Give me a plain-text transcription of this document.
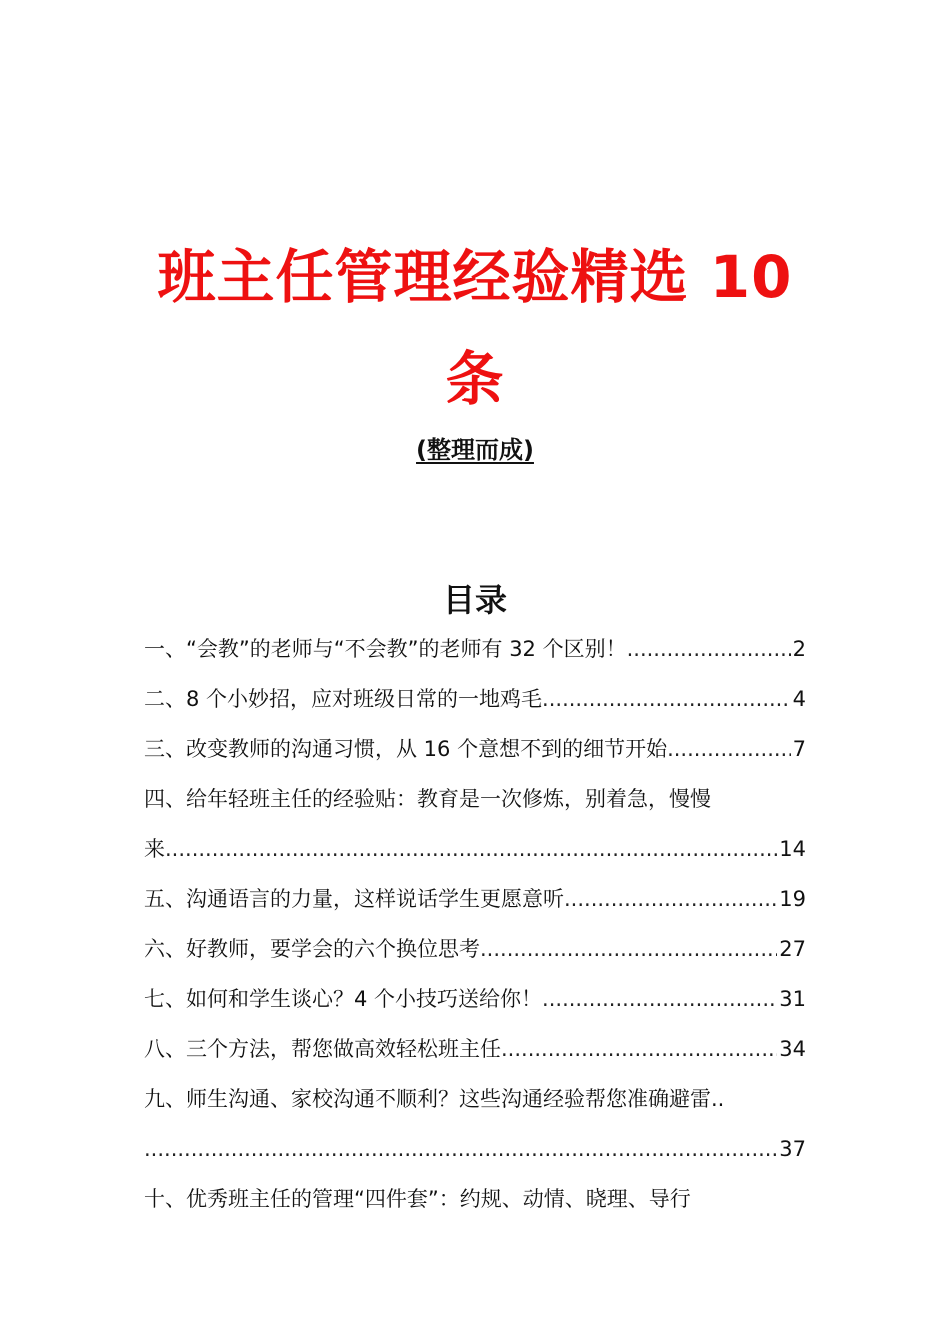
班主任管理经验精选 10
条
(整理而成)
目录
一、“会教”的老师与“不会教”的老师有 32 个区别！ .....	2
二、8 个小妙招，应对班级日常的一地鸡毛 .....	4
三、改变教师的沟通习惯，从 16 个意想不到的细节开始 .....	7
四、给年轻班主任的经验贴：教育是一次修炼，别着急，慢慢
来 .....	14
五、沟通语言的力量，这样说话学生更愿意听 .....	19
六、好教师，要学会的六个换位思考 .....	27
七、如何和学生谈心？4 个小技巧送给你！ .....	31
八、三个方法，帮您做高效轻松班主任 .....	34
九、师生沟通、家校沟通不顺利？这些沟通经验帮您准确避雷..
.....
37
十、优秀班主任的管理“四件套”：约规、动情、晓理、导行
